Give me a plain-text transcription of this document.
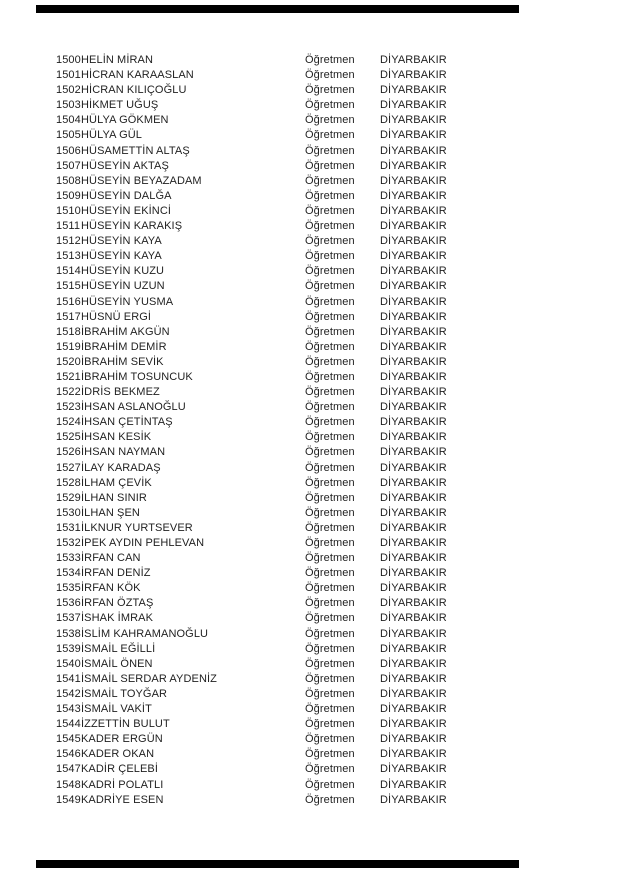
1500 HELİN MİRAN	Öğretmen	DİYARBAKIR
1501 HİCRAN KARAASLAN	Öğretmen	DİYARBAKIR
1502 HİCRAN KILIÇOĞLU	Öğretmen	DİYARBAKIR
1503 HİKMET UĞUŞ	Öğretmen	DİYARBAKIR
1504 HÜLYA GÖKMEN	Öğretmen	DİYARBAKIR
1505 HÜLYA GÜL	Öğretmen	DİYARBAKIR
1506 HÜSAMETTİN ALTAŞ	Öğretmen	DİYARBAKIR
1507 HÜSEYİN AKTAŞ	Öğretmen	DİYARBAKIR
1508 HÜSEYİN BEYAZADAM	Öğretmen	DİYARBAKIR
1509 HÜSEYİN DALĞA	Öğretmen	DİYARBAKIR
1510 HÜSEYİN EKİNCİ	Öğretmen	DİYARBAKIR
1511 HÜSEYİN KARAKIŞ	Öğretmen	DİYARBAKIR
1512 HÜSEYİN KAYA	Öğretmen	DİYARBAKIR
1513 HÜSEYİN KAYA	Öğretmen	DİYARBAKIR
1514 HÜSEYİN KUZU	Öğretmen	DİYARBAKIR
1515 HÜSEYİN UZUN	Öğretmen	DİYARBAKIR
1516 HÜSEYİN YUSMA	Öğretmen	DİYARBAKIR
1517 HÜSNÜ ERGİ	Öğretmen	DİYARBAKIR
1518 İBRAHİM AKGÜN	Öğretmen	DİYARBAKIR
1519 İBRAHİM DEMİR	Öğretmen	DİYARBAKIR
1520 İBRAHİM SEVİK	Öğretmen	DİYARBAKIR
1521 İBRAHİM TOSUNCUK	Öğretmen	DİYARBAKIR
1522 İDRİS BEKMEZ	Öğretmen	DİYARBAKIR
1523 İHSAN ASLANOĞLU	Öğretmen	DİYARBAKIR
1524 İHSAN ÇETİNTAŞ	Öğretmen	DİYARBAKIR
1525 İHSAN KESİK	Öğretmen	DİYARBAKIR
1526 İHSAN NAYMAN	Öğretmen	DİYARBAKIR
1527 İLAY KARADAŞ	Öğretmen	DİYARBAKIR
1528 İLHAM ÇEVİK	Öğretmen	DİYARBAKIR
1529 İLHAN SINIR	Öğretmen	DİYARBAKIR
1530 İLHAN ŞEN	Öğretmen	DİYARBAKIR
1531 İLKNUR YURTSEVER	Öğretmen	DİYARBAKIR
1532 İPEK AYDIN PEHLEVAN	Öğretmen	DİYARBAKIR
1533 İRFAN CAN	Öğretmen	DİYARBAKIR
1534 İRFAN DENİZ	Öğretmen	DİYARBAKIR
1535 İRFAN KÖK	Öğretmen	DİYARBAKIR
1536 İRFAN ÖZTAŞ	Öğretmen	DİYARBAKIR
1537 İSHAK İMRAK	Öğretmen	DİYARBAKIR
1538 İSLİM KAHRAMANOĞLU	Öğretmen	DİYARBAKIR
1539 İSMAİL EĞİLLİ	Öğretmen	DİYARBAKIR
1540 İSMAİL ÖNEN	Öğretmen	DİYARBAKIR
1541 İSMAİL SERDAR AYDENİZ	Öğretmen	DİYARBAKIR
1542 İSMAİL TOYĞAR	Öğretmen	DİYARBAKIR
1543 İSMAİL VAKİT	Öğretmen	DİYARBAKIR
1544 İZZETTİN BULUT	Öğretmen	DİYARBAKIR
1545 KADER ERGÜN	Öğretmen	DİYARBAKIR
1546 KADER OKAN	Öğretmen	DİYARBAKIR
1547 KADİR ÇELEBİ	Öğretmen	DİYARBAKIR
1548 KADRİ POLATLI	Öğretmen	DİYARBAKIR
1549 KADRİYE ESEN	Öğretmen	DİYARBAKIR
